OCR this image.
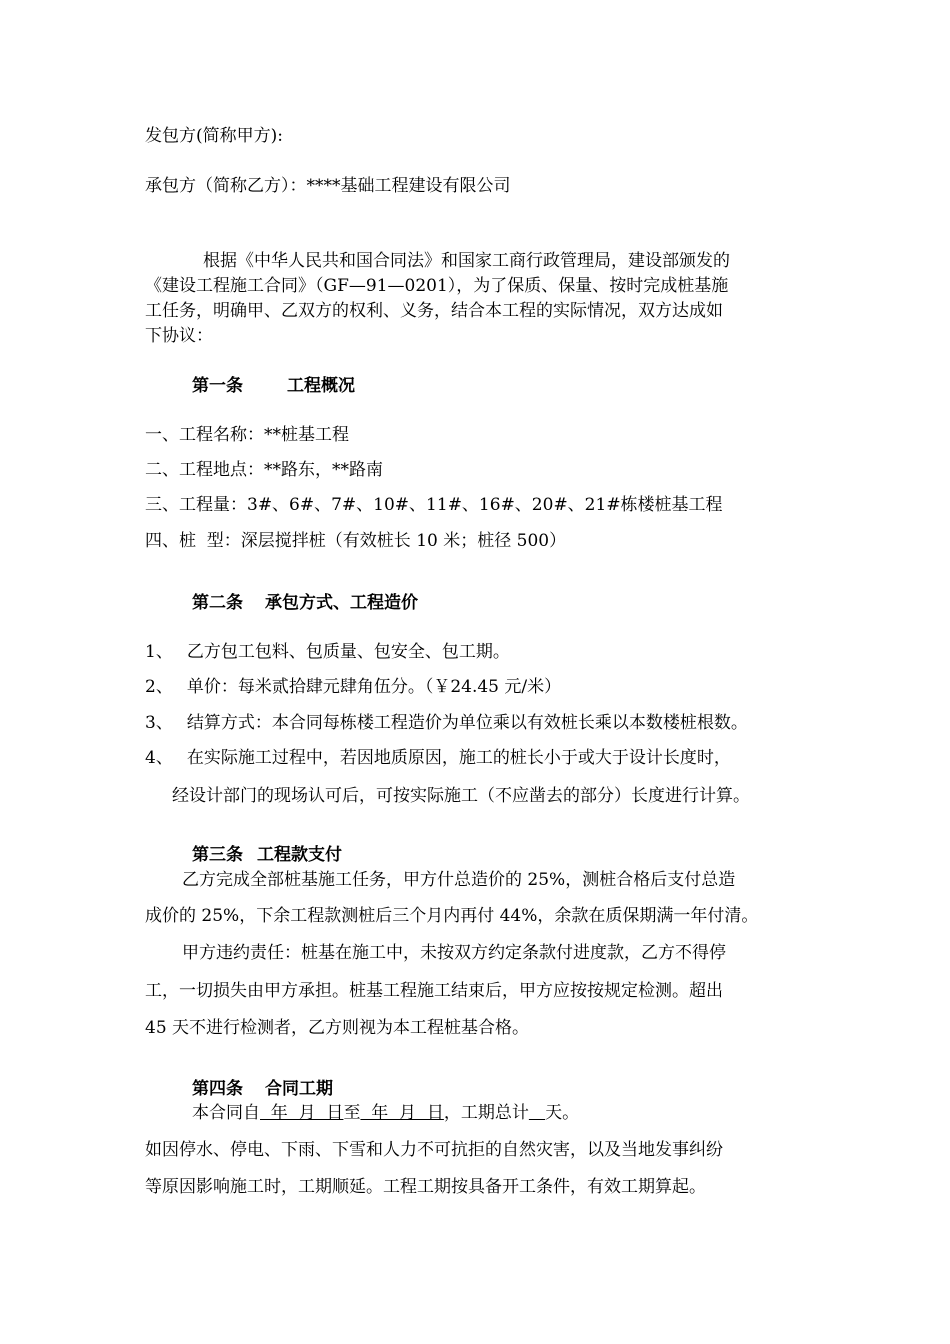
发包方(简称甲方):
承包方（简称乙方）：****基础工程建设有限公司
根据《中华人民共和国合同法》和国家工商行政管理局，建设部颁发的
《建设工程施工合同》（GF—91—0201），为了保质、保量、按时完成桩基施
工任务，明确甲、乙双方的权利、义务，结合本工程的实际情况，双方达成如
下协议：
第一条	工程概况
一、工程名称：**桩基工程
二、工程地点：**路东，**路南
三、工程量：3#、6#、7#、10#、11#、16#、20#、21#栋楼桩基工程
四、桩  型：深层搅拌桩（有效桩长 10 米；桩径 500）
第二条 承包方式、工程造价
1、 乙方包工包料、包质量、包安全、包工期。
2、 单价：每米贰拾肆元肆角伍分。（￥24.45 元/米）
3、 结算方式：本合同每栋楼工程造价为单位乘以有效桩长乘以本数楼桩根数。
4、 在实际施工过程中，若因地质原因，施工的桩长小于或大于设计长度时，
经设计部门的现场认可后，可按实际施工（不应凿去的部分）长度进行计算。
第三条 工程款支付
乙方完成全部桩基施工任务，甲方什总造价的 25%，测桩合格后支付总造
成价的 25%，下余工程款测桩后三个月内再付 44%，余款在质保期满一年付清。
甲方违约责任：桩基在施工中，未按双方约定条款付进度款，乙方不得停
工，一切损失由甲方承担。桩基工程施工结束后，甲方应按按规定检测。超出
45 天不进行检测者，乙方则视为本工程桩基合格。
第四条 合同工期
本合同自  年  月  日至  年  月  日，工期总计 天。
如因停水、停电、下雨、下雪和人力不可抗拒的自然灾害，以及当地发事纠纷
等原因影响施工时，工期顺延。工程工期按具备开工条件，有效工期算起。
